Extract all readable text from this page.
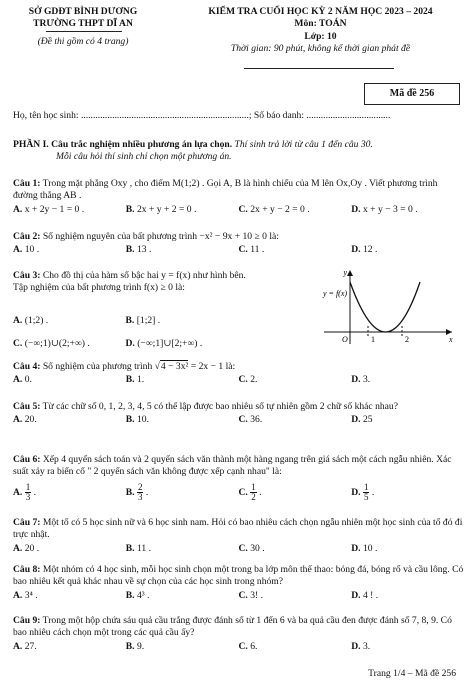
SỞ GDĐT BÌNH DƯƠNG
TRƯỜNG THPT DĨ AN
(Đề thi gồm có 4 trang)
KIỂM TRA CUỐI HỌC KỲ 2 NĂM HỌC 2023 – 2024
Môn: TOÁN
Lớp: 10
Thời gian: 90 phút, không kể thời gian phát đề
Mã đề 256
Họ, tên học sinh: ......................................................................; Số báo danh: ...................................
PHẦN I. Câu trắc nghiệm nhiều phương án lựa chọn. Thí sinh trả lời từ câu 1 đến câu 30.
Mỗi câu hỏi thí sinh chỉ chọn một phương án.

Câu 1: Trong mặt phẳng Oxy , cho điểm M(1;2) . Gọi A, B là hình chiếu của M lên Ox,Oy . Viết phương trình đường thẳng AB .

A. x + 2y − 1 = 0 .	B. 2x + y + 2 = 0 .	C. 2x + y − 2 = 0 .	D. x + y − 3 = 0 .

Câu 2: Số nghiệm nguyên của bất phương trình −x² − 9x + 10 ≥ 0 là:

A. 10 .	B. 13 .	C. 11 .	D. 12 .

Câu 3: Cho đồ thị của hàm số bậc hai y = f(x) như hình bên.

Tập nghiệm của bất phương trình f(x) ≥ 0 là:

A. (1;2) .	B. [1;2] .
C. (−∞;1)∪(2;+∞) .	D. (−∞;1]∪[2;+∞) .
y
y = f(x)
O	1	2	x

Câu 4: Số nghiệm của phương trình √4 − 3x² = 2x − 1 là:

A. 0.	B. 1.	C. 2.	D. 3.

Câu 5: Từ các chữ số 0, 1, 2, 3, 4, 5 có thể lập được bao nhiêu số tự nhiên gồm 2 chữ số khác nhau?

A. 20.	B. 10.	C. 36.	D. 25

Câu 6: Xếp 4 quyển sách toán và 2 quyển sách văn thành một hàng ngang trên giá sách một cách ngẫu nhiên. Xác suất xảy ra biến cố " 2 quyển sách văn không được xếp cạnh nhau" là:

A. $\frac{1}{3}$ .	B. $\frac{2}{3}$ .	C. $\frac{1}{2}$ .	D. $\frac{1}{5}$ .

Câu 7: Một tổ có 5 học sinh nữ và 6 học sinh nam. Hỏi có bao nhiêu cách chọn ngẫu nhiên một học sinh của tổ đó đi trực nhật.

A. 20 .	B. 11 .	C. 30 .	D. 10 .

Câu 8: Một nhóm có 4 học sinh, mỗi học sinh chọn một trong ba lớp môn thể thao: bóng đá, bóng rổ và cầu lông. Có bao nhiêu kết quả khác nhau về sự chọn của các học sinh trong nhóm?

A. 3⁴ .	B. 4³ .	C. 3! .	D. 4 ! .

Câu 9: Trong một hộp chứa sáu quả cầu trắng được đánh số từ 1 đến 6 và ba quả cầu đen được đánh số 7, 8, 9. Có bao nhiêu cách chọn một trong các quả cầu ấy?

A. 27.	B. 9.	C. 6.	D. 3.
Trang 1/4 – Mã đề 256
